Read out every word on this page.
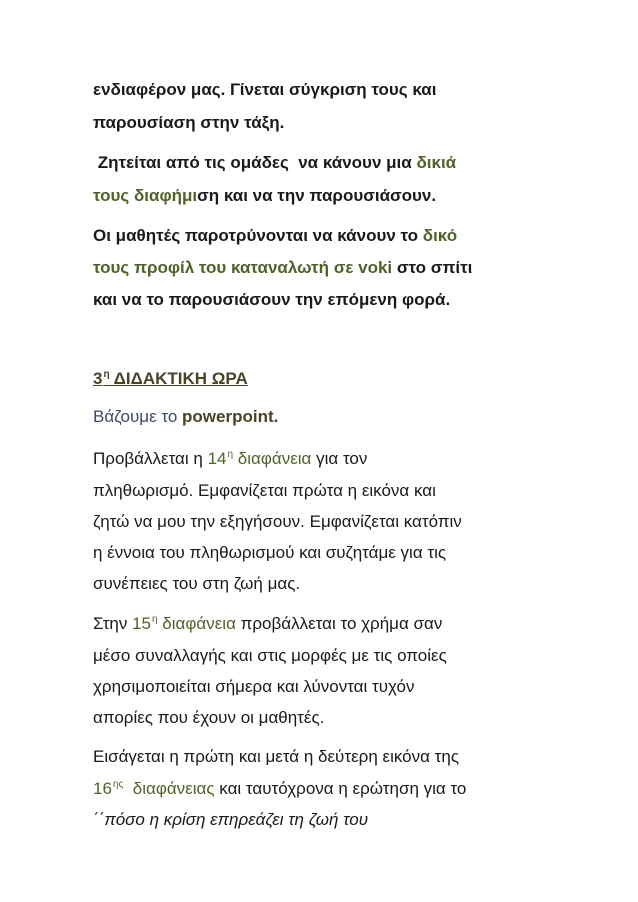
ενδιαφέρον μας. Γίνεται σύγκριση τους και
παρουσίαση στην τάξη.
Ζητείται από τις ομάδες  να κάνουν μια δικιά
τους διαφήμιση και να την παρουσιάσουν.
Οι μαθητές παροτρύνονται να κάνουν το δικό
τους προφίλ του καταναλωτή σε voki στο σπίτι
και να το παρουσιάσουν την επόμενη φορά.
$3^\eta$ ΔΙΔΑΚΤΙΚΗ ΩΡΑ
Βάζουμε το powerpoint.
Προβάλλεται η $14^\eta$ διαφάνεια για τον
πληθωρισμό. Εμφανίζεται πρώτα η εικόνα και
ζητώ να μου την εξηγήσουν. Εμφανίζεται κατόπιν
η έννοια του πληθωρισμού και συζητάμε για τις
συνέπειες του στη ζωή μας.
Στην $15^\eta$ διαφάνεια προβάλλεται το χρήμα σαν
μέσο συναλλαγής και στις μορφές με τις οποίες
χρησιμοποιείται σήμερα και λύνονται τυχόν
απορίες που έχουν οι μαθητές.
Εισάγεται η πρώτη και μετά η δεύτερη εικόνα της
$16^{\eta\varsigma}$  διαφάνειας και ταυτόχρονα η ερώτηση για το
΄΄πόσο η κρίση επηρεάζει τη ζωή του
